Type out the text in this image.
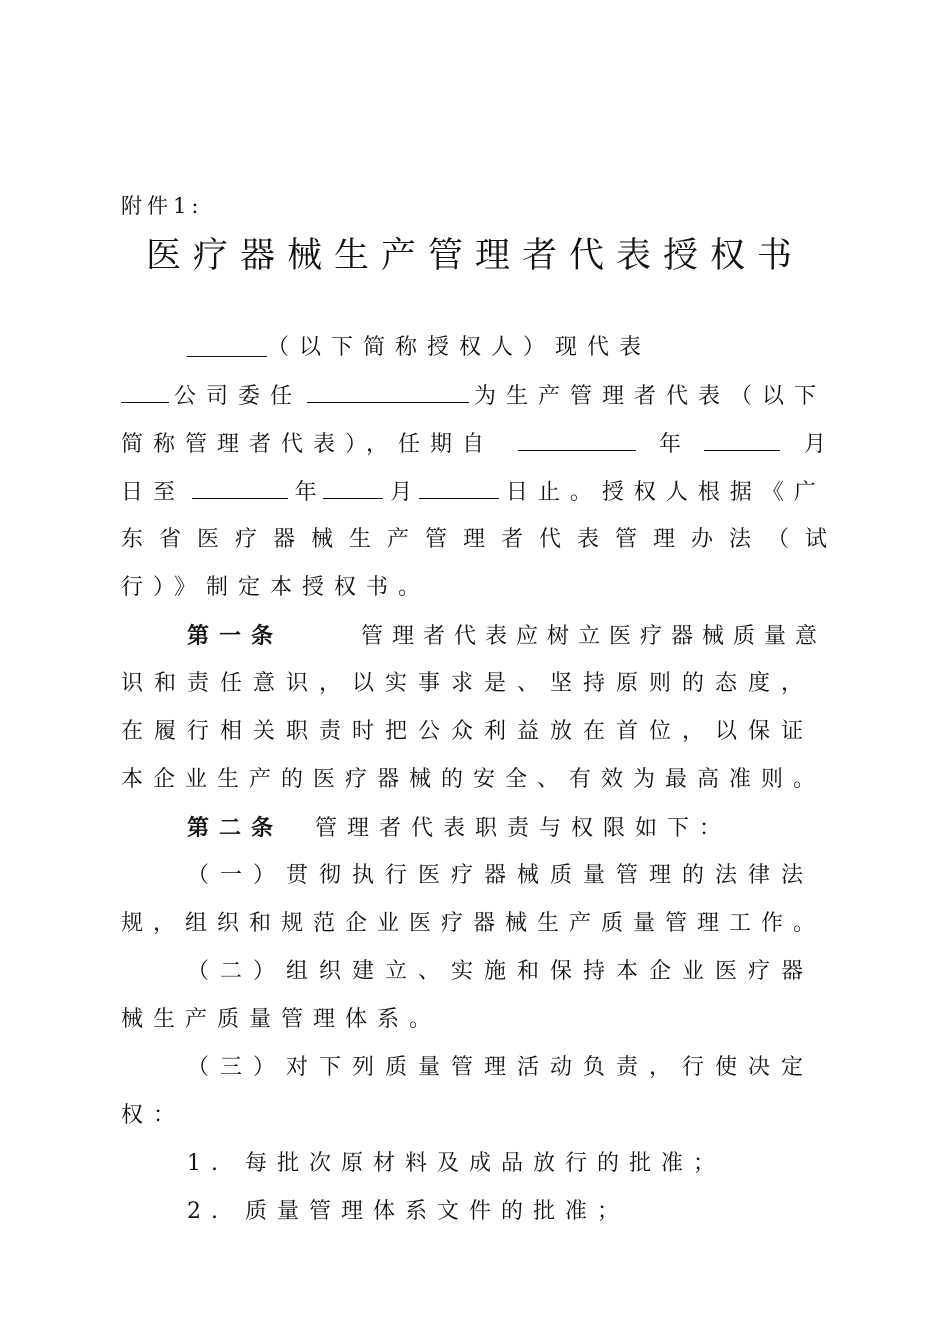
附件1:
医疗器械生产管理者代表授权书
（以下简称授权人）现代表
公司委任	为生产管理者代表（以下
简称管理者代表），任期自	年	月
日至	年	月	日止。授权人根据《广
东省医疗器械生产管理者代表管理办法（试
行）》制定本授权书。
第一条	管理者代表应树立医疗器械质量意
识和责任意识，以实事求是、坚持原则的态度，
在履行相关职责时把公众利益放在首位，以保证
本企业生产的医疗器械的安全、有效为最高准则。
第二条 管理者代表职责与权限如下：
（一）贯彻执行医疗器械质量管理的法律法
规，组织和规范企业医疗器械生产质量管理工作。
（二）组织建立、实施和保持本企业医疗器
械生产质量管理体系。
（三）对下列质量管理活动负责，行使决定
权：
1. 每批次原材料及成品放行的批准；
2. 质量管理体系文件的批准；
